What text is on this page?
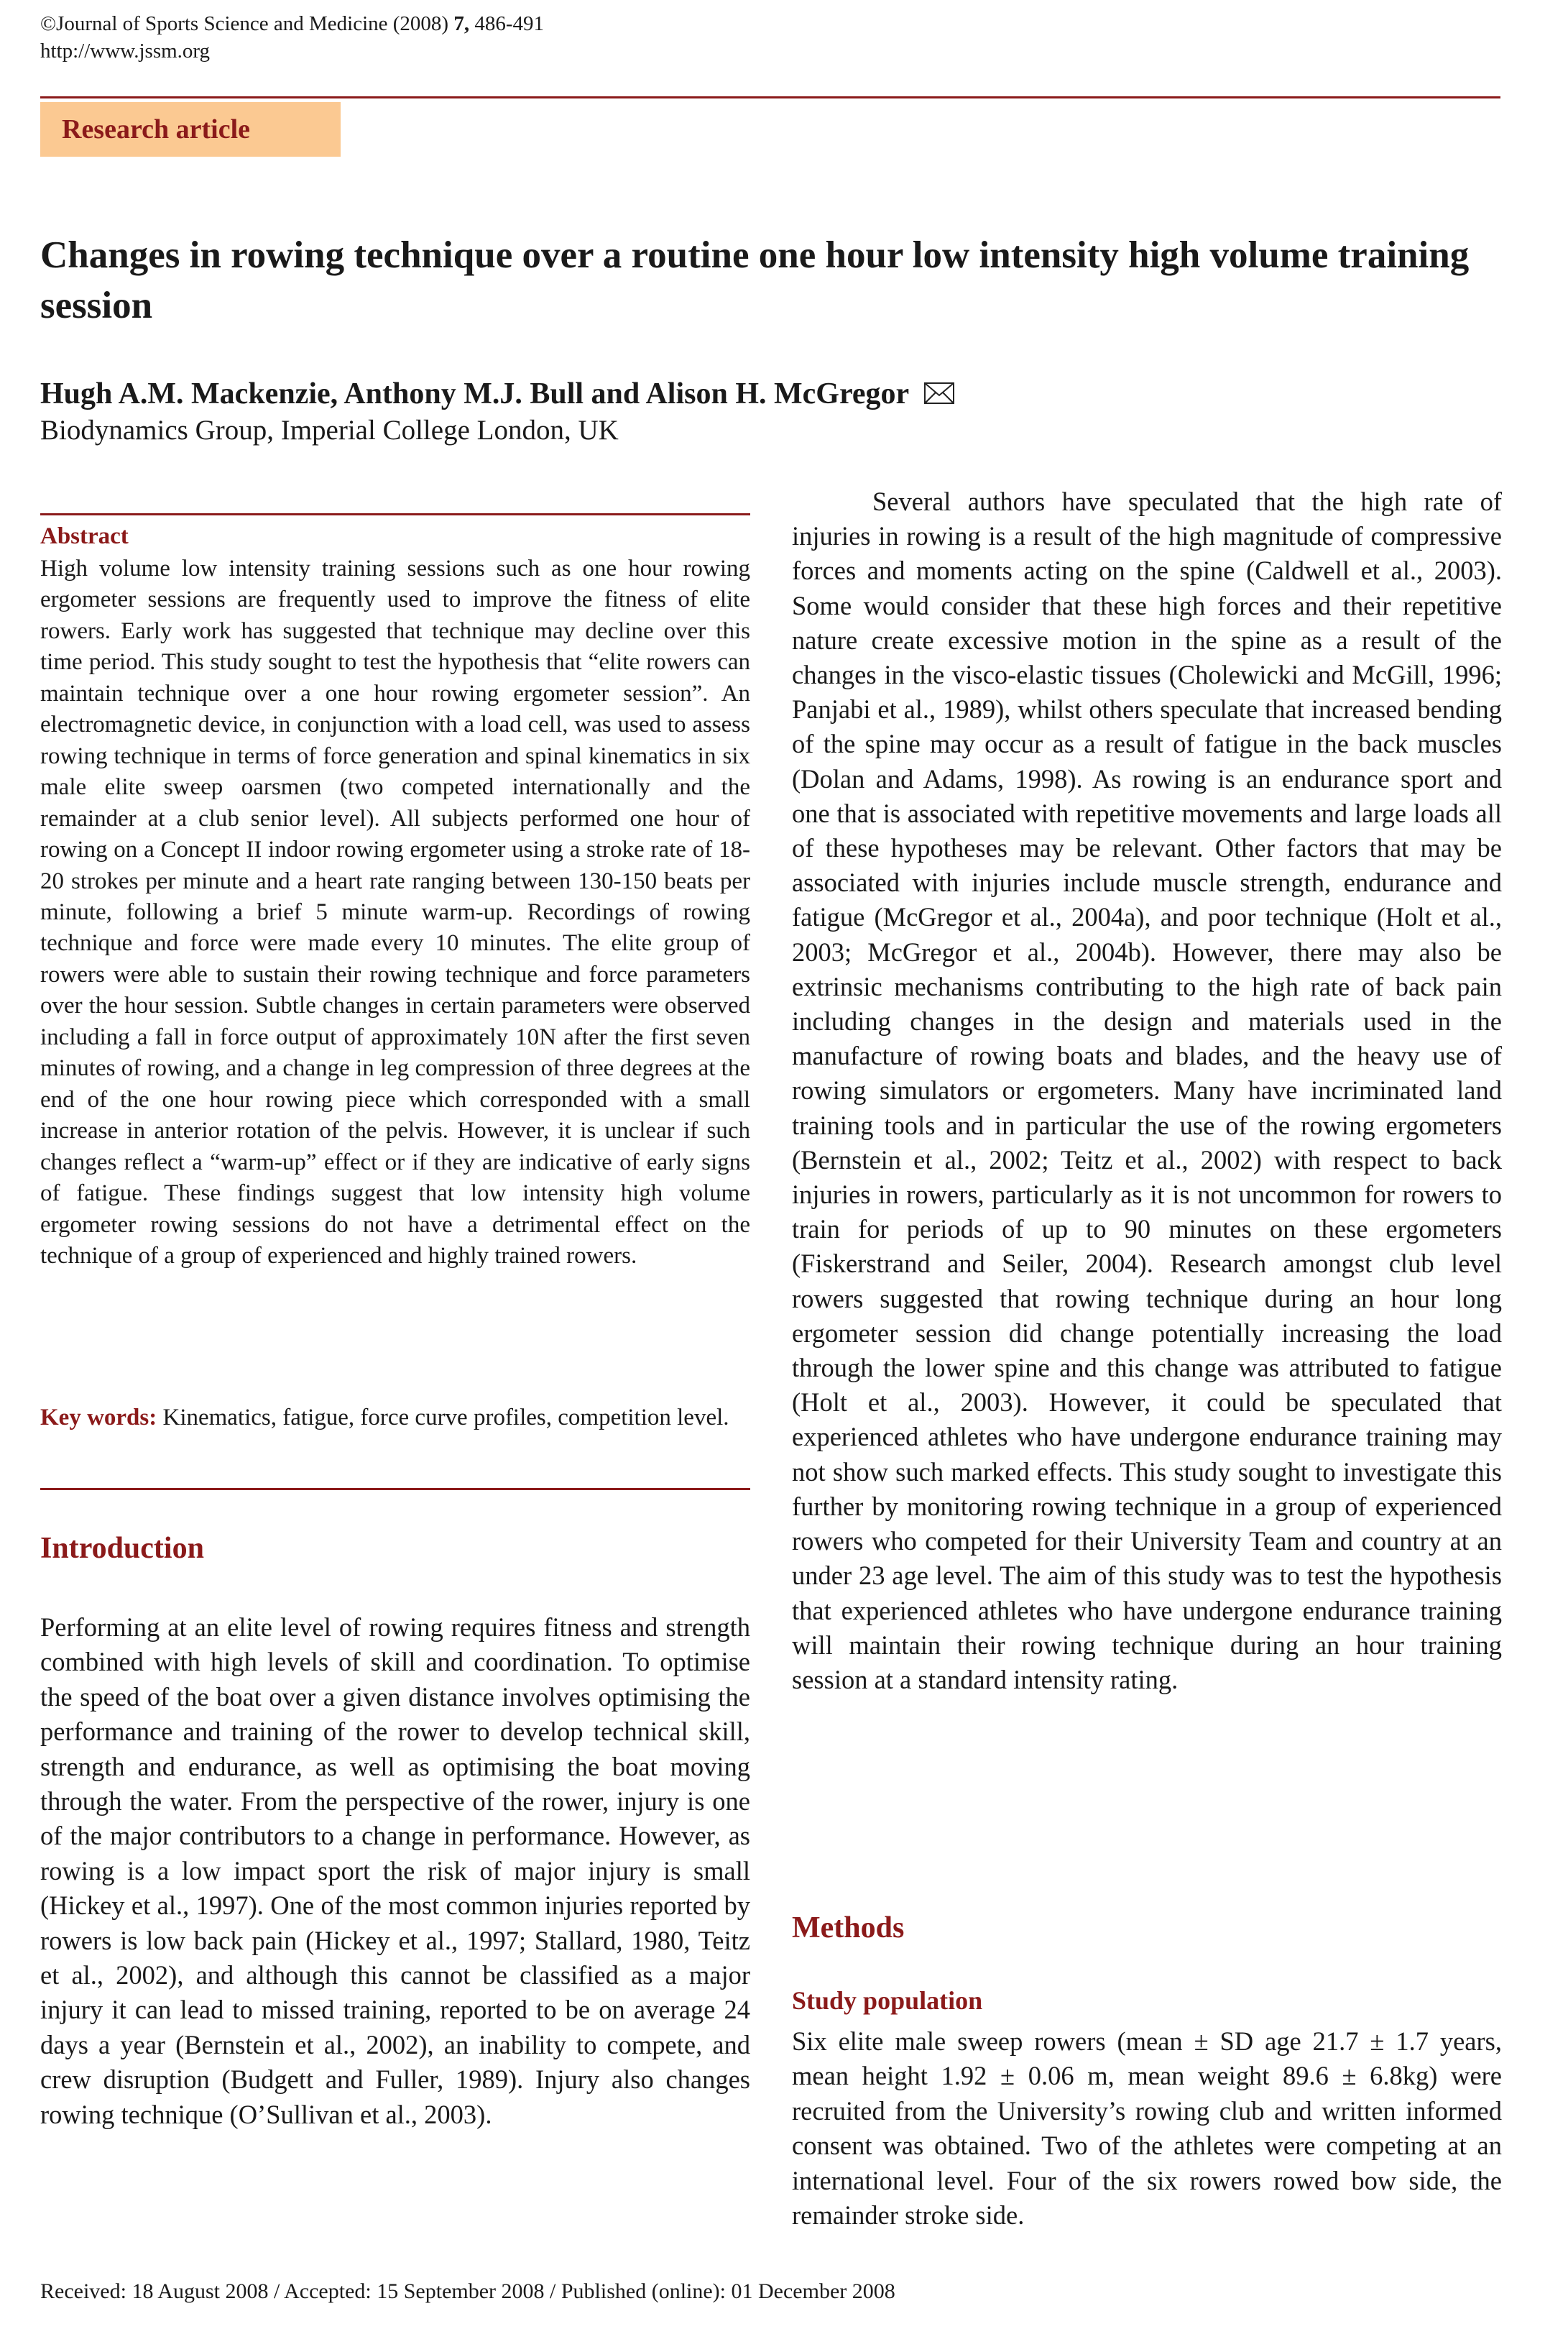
©Journal of Sports Science and Medicine (2008) 7, 486-491
http://www.jssm.org
Research article
Changes in rowing technique over a routine one hour low intensity high volume training session
Hugh A.M. Mackenzie, Anthony M.J. Bull and Alison H. McGregor
Biodynamics Group, Imperial College London, UK
Abstract

High volume low intensity training sessions such as one hour rowing ergometer sessions are frequently used to improve the fitness of elite rowers. Early work has suggested that technique may decline over this time period. This study sought to test the hypothesis that “elite rowers can maintain technique over a one hour rowing ergometer session”. An electromagnetic device, in conjunction with a load cell, was used to assess rowing technique in terms of force generation and spinal kinematics in six male elite sweep oarsmen (two competed internationally and the remainder at a club senior level). All subjects performed one hour of rowing on a Concept II indoor rowing ergometer using a stroke rate of 18-20 strokes per minute and a heart rate ranging between 130-150 beats per minute, following a brief 5 minute warm-up. Recordings of rowing technique and force were made every 10 minutes. The elite group of rowers were able to sustain their rowing technique and force parameters over the hour session. Subtle changes in certain parameters were observed including a fall in force output of approximately 10N after the first seven minutes of rowing, and a change in leg compression of three degrees at the end of the one hour rowing piece which corresponded with a small increase in anterior rotation of the pelvis. However, it is unclear if such changes reflect a “warm-up” effect or if they are indicative of early signs of fatigue. These findings suggest that low intensity high volume ergometer rowing sessions do not have a detrimental effect on the technique of a group of experienced and highly trained rowers.

Key words: Kinematics, fatigue, force curve profiles, competition level.
Introduction

Performing at an elite level of rowing requires fitness and strength combined with high levels of skill and coordination. To optimise the speed of the boat over a given distance involves optimising the performance and training of the rower to develop technical skill, strength and endurance, as well as optimising the boat moving through the water. From the perspective of the rower, injury is one of the major contributors to a change in performance. However, as rowing is a low impact sport the risk of major injury is small (Hickey et al., 1997). One of the most common injuries reported by rowers is low back pain (Hickey et al., 1997; Stallard, 1980, Teitz et al., 2002), and although this cannot be classified as a major injury it can lead to missed training, reported to be on average 24 days a year (Bernstein et al., 2002), an inability to compete, and crew disruption (Budgett and Fuller, 1989). Injury also changes rowing technique (O’Sullivan et al., 2003).

Several authors have speculated that the high rate of injuries in rowing is a result of the high magnitude of compressive forces and moments acting on the spine (Caldwell et al., 2003). Some would consider that these high forces and their repetitive nature create excessive motion in the spine as a result of the changes in the visco-elastic tissues (Cholewicki and McGill, 1996; Panjabi et al., 1989), whilst others speculate that increased bending of the spine may occur as a result of fatigue in the back muscles (Dolan and Adams, 1998). As rowing is an endurance sport and one that is associated with repetitive movements and large loads all of these hypotheses may be relevant. Other factors that may be associated with injuries include muscle strength, endurance and fatigue (McGregor et al., 2004a), and poor technique (Holt et al., 2003; McGregor et al., 2004b). However, there may also be extrinsic mechanisms contributing to the high rate of back pain including changes in the design and materials used in the manufacture of rowing boats and blades, and the heavy use of rowing simulators or ergometers. Many have incriminated land training tools and in particular the use of the rowing ergometers (Bernstein et al., 2002; Teitz et al., 2002) with respect to back injuries in rowers, particularly as it is not uncommon for rowers to train for periods of up to 90 minutes on these ergometers (Fiskerstrand and Seiler, 2004). Research amongst club level rowers suggested that rowing technique during an hour long ergometer session did change potentially increasing the load through the lower spine and this change was attributed to fatigue (Holt et al., 2003). However, it could be speculated that experienced athletes who have undergone endurance training may not show such marked effects. This study sought to investigate this further by monitoring rowing technique in a group of experienced rowers who competed for their University Team and country at an under 23 age level. The aim of this study was to test the hypothesis that experienced athletes who have undergone endurance training will maintain their rowing technique during an hour training session at a standard intensity rating.

Methods
Study population

Six elite male sweep rowers (mean ± SD age 21.7 ± 1.7 years, mean height 1.92 ± 0.06 m, mean weight 89.6 ± 6.8kg) were recruited from the University’s rowing club and written informed consent was obtained. Two of the athletes were competing at an international level. Four of the six rowers rowed bow side, the remainder stroke side.

Received: 18 August 2008 / Accepted: 15 September 2008 / Published (online): 01 December 2008
